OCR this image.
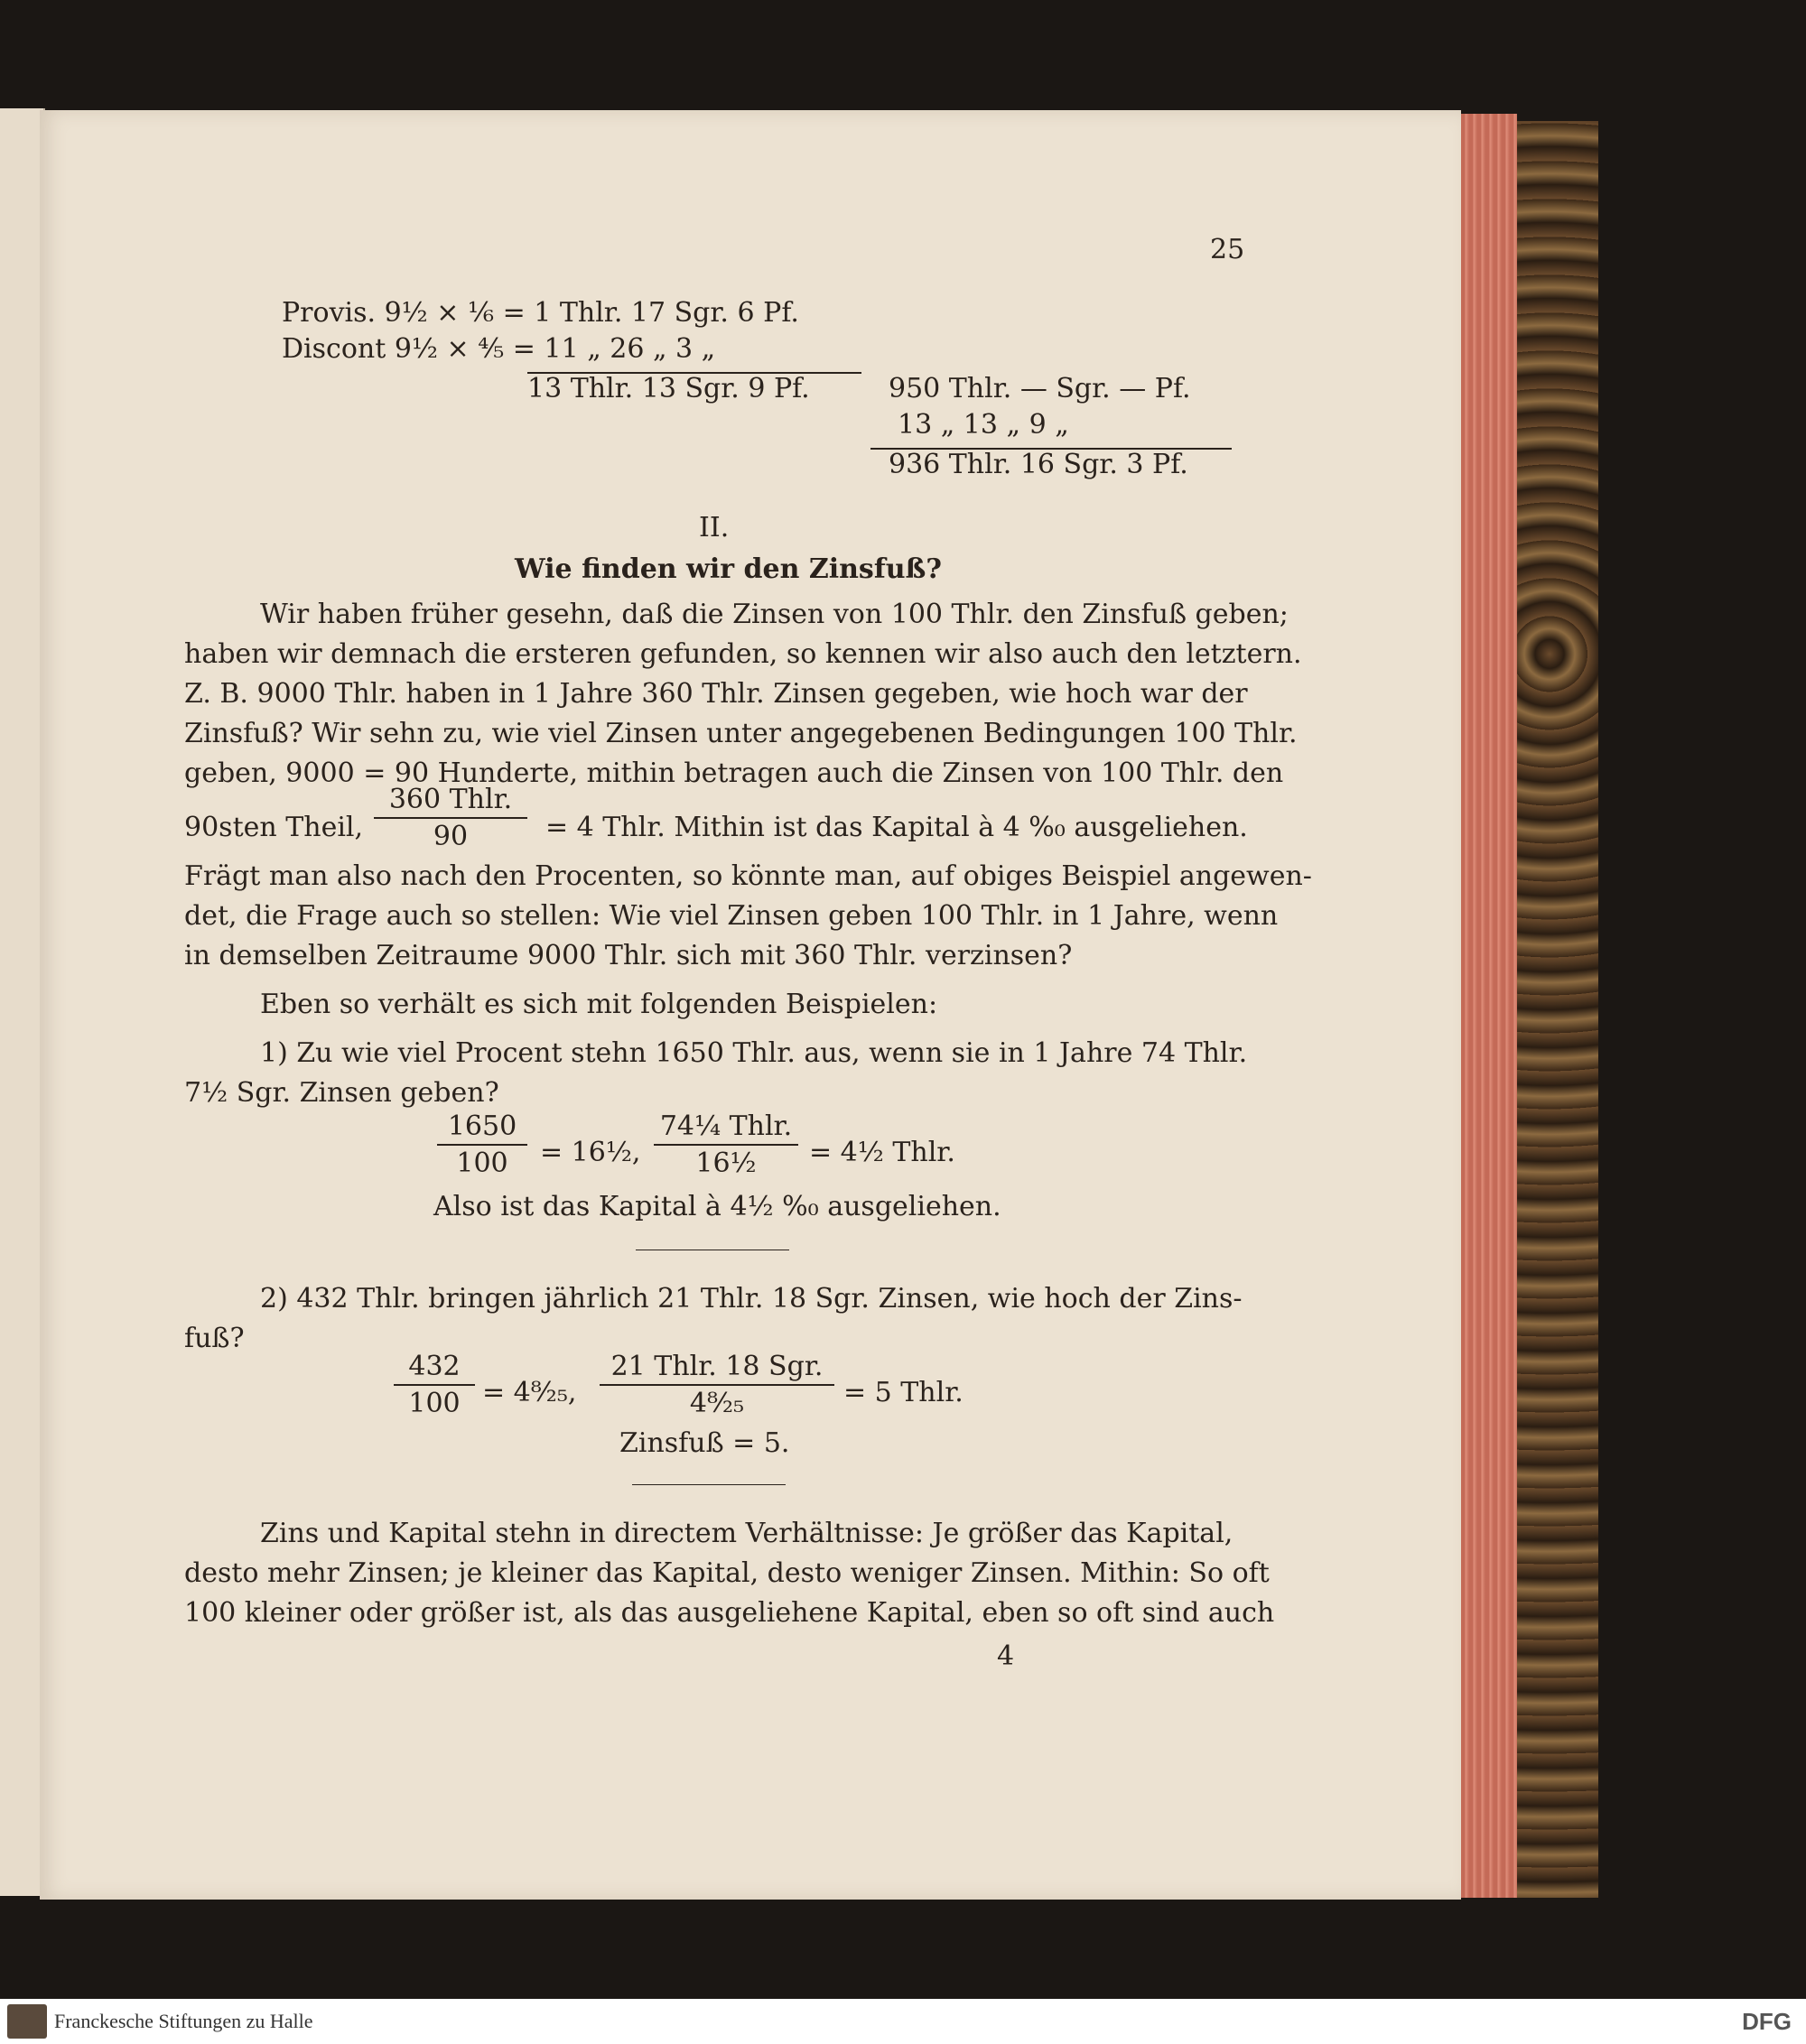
25
Provis. 9½ × ⅙ = 1 Thlr. 17 Sgr. 6 Pf.
Discont 9½ × ⅘ = 11 „ 26 „ 3 „
13 Thlr. 13 Sgr. 9 Pf.	950 Thlr. — Sgr. — Pf.
13 „ 13 „ 9 „
936 Thlr. 16 Sgr. 3 Pf.
II.
Wie finden wir den Zinsfuß?
Wir haben früher gesehn, daß die Zinsen von 100 Thlr. den Zinsfuß geben;
haben wir demnach die ersteren gefunden, so kennen wir also auch den letztern.
Z. B. 9000 Thlr. haben in 1 Jahre 360 Thlr. Zinsen gegeben, wie hoch war der
Zinsfuß? Wir sehn zu, wie viel Zinsen unter angegebenen Bedingungen 100 Thlr.
geben, 9000 = 90 Hunderte, mithin betragen auch die Zinsen von 100 Thlr. den
90sten Theil,
360 Thlr.
90	= 4 Thlr. Mithin ist das Kapital à 4 %₀ ausgeliehen.
Frägt man also nach den Procenten, so könnte man, auf obiges Beispiel angewen-
det, die Frage auch so stellen: Wie viel Zinsen geben 100 Thlr. in 1 Jahre, wenn
in demselben Zeitraume 9000 Thlr. sich mit 360 Thlr. verzinsen?
Eben so verhält es sich mit folgenden Beispielen:
1) Zu wie viel Procent stehn 1650 Thlr. aus, wenn sie in 1 Jahre 74 Thlr.
7½ Sgr. Zinsen geben?
$\frac{1650}{100}$ = 16½,
74¼ Thlr.
16½	= 4½ Thlr.
Also ist das Kapital à 4½ %₀ ausgeliehen.
2) 432 Thlr. bringen jährlich 21 Thlr. 18 Sgr. Zinsen, wie hoch der Zins-
fuß?
$\frac{432}{100}$ = 4⁸⁄₂₅,
21 Thlr. 18 Sgr.
4⁸⁄₂₅	= 5 Thlr.
Zinsfuß = 5.
Zins und Kapital stehn in directem Verhältnisse: Je größer das Kapital,
desto mehr Zinsen; je kleiner das Kapital, desto weniger Zinsen. Mithin: So oft
100 kleiner oder größer ist, als das ausgeliehene Kapital, eben so oft sind auch
4
Franckesche Stiftungen zu Halle	DFG
